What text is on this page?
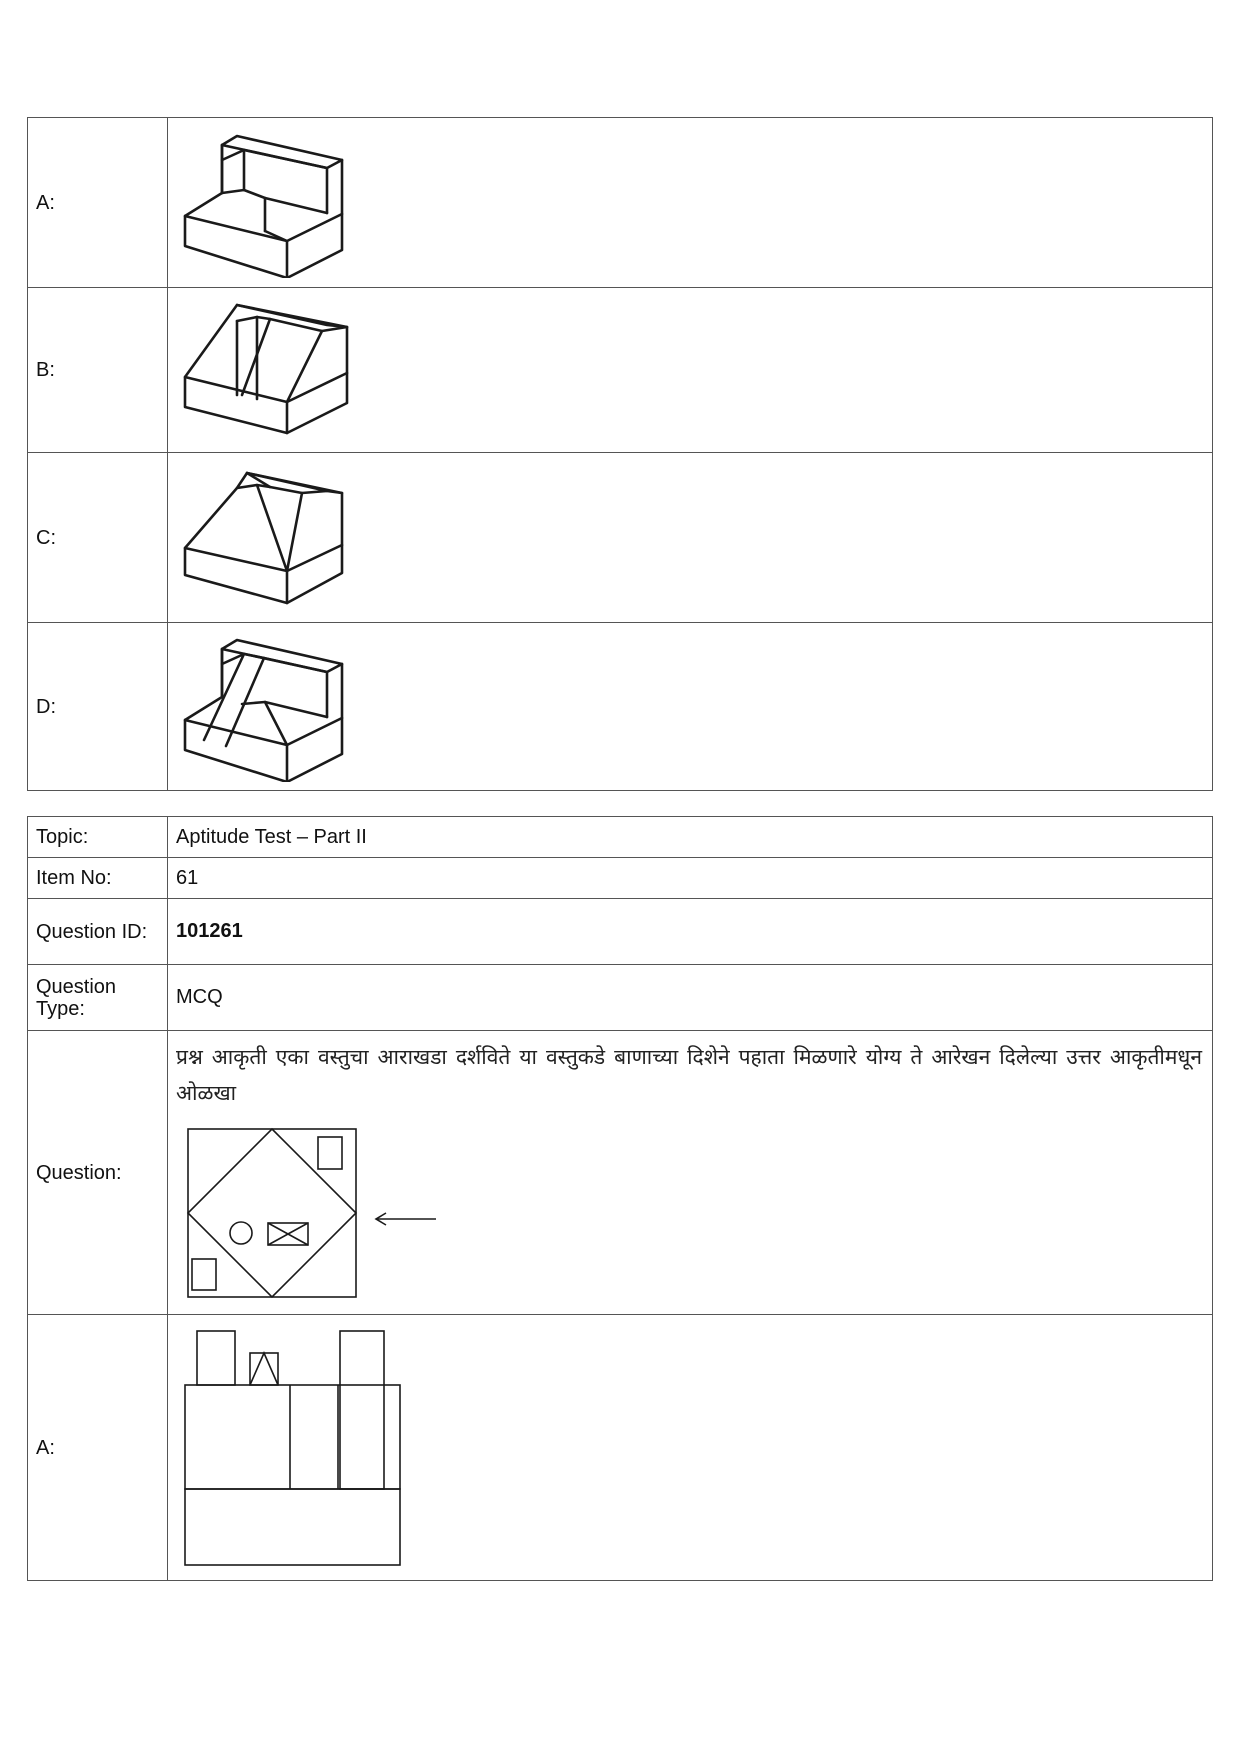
A:	

B:	

C:	

D:	
Topic:	Aptitude Test – Part II
Item No:	61
Question ID:	101261
Question Type:	MCQ
Question:	प्रश्न आकृती एका वस्तुचा आराखडा दर्शविते या वस्तुकडे बाणाच्या दिशेने पहाता मिळणारे योग्य ते आरेखन दिलेल्या उत्तर आकृतीमधून ओळखा

A:	
